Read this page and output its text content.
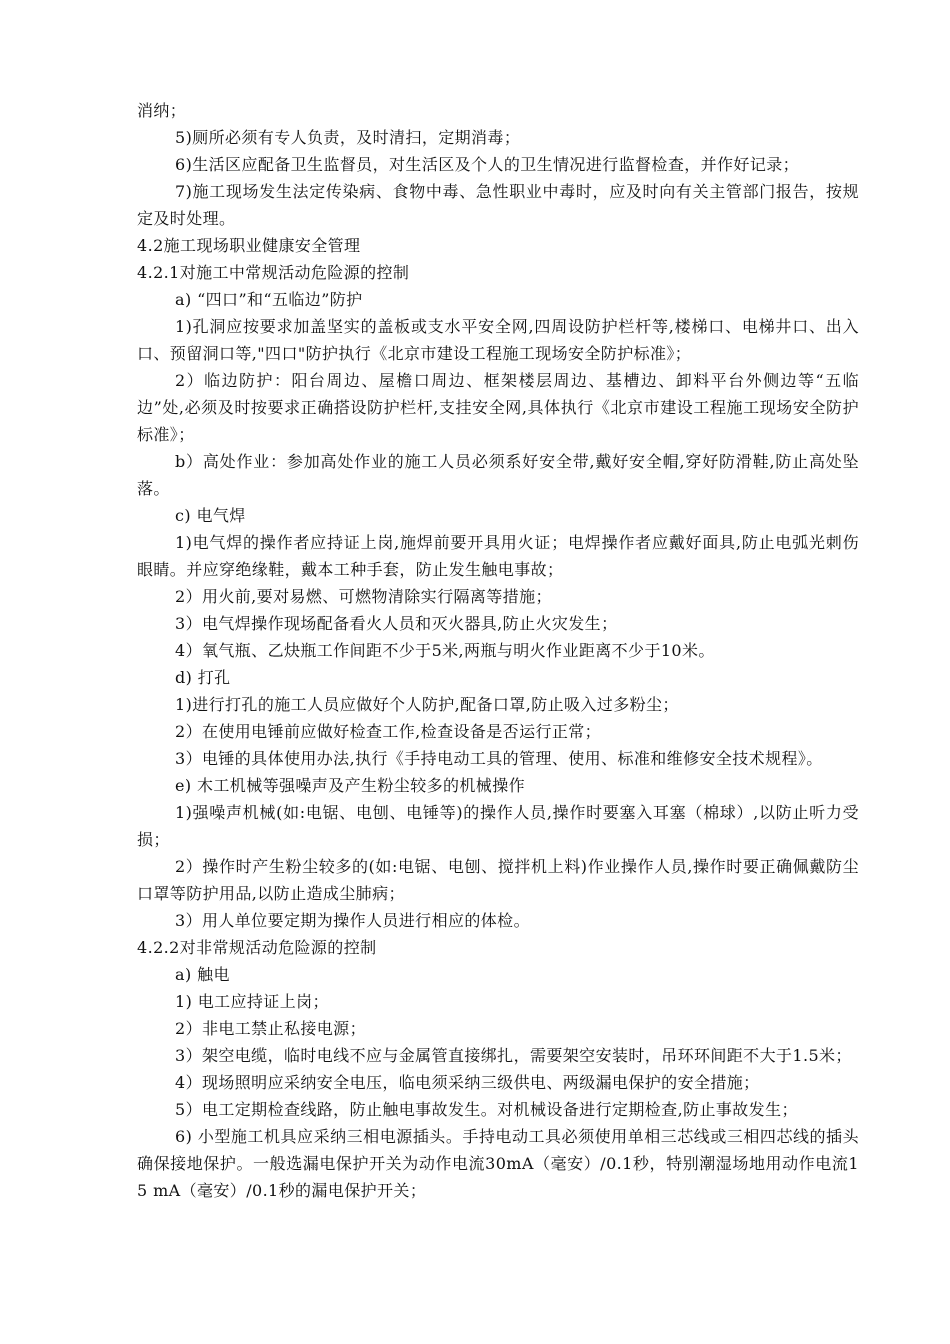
消纳；

5)厕所必须有专人负责，及时清扫，定期消毒；

6)生活区应配备卫生监督员，对生活区及个人的卫生情况进行监督检查，并作好记录；

7)施工现场发生法定传染病、食物中毒、急性职业中毒时，应及时向有关主管部门报告，按规定及时处理。

4.2施工现场职业健康安全管理

4.2.1对施工中常规活动危险源的控制

a) “四口”和“五临边”防护

1)孔洞应按要求加盖坚实的盖板或支水平安全网,四周设防护栏杆等,楼梯口、电梯井口、出入口、预留洞口等,"四口"防护执行《北京市建设工程施工现场安全防护标准》；

2）临边防护：阳台周边、屋檐口周边、框架楼层周边、基槽边、卸料平台外侧边等“五临边”处,必须及时按要求正确搭设防护栏杆,支挂安全网,具体执行《北京市建设工程施工现场安全防护标准》；

b）高处作业：参加高处作业的施工人员必须系好安全带,戴好安全帽,穿好防滑鞋,防止高处坠落。

c) 电气焊

1)电气焊的操作者应持证上岗,施焊前要开具用火证；电焊操作者应戴好面具,防止电弧光刺伤眼睛。并应穿绝缘鞋，戴本工种手套，防止发生触电事故；

2）用火前,要对易燃、可燃物清除实行隔离等措施；

3）电气焊操作现场配备看火人员和灭火器具,防止火灾发生；

4）氧气瓶、乙炔瓶工作间距不少于5米,两瓶与明火作业距离不少于10米。

d) 打孔

1)进行打孔的施工人员应做好个人防护,配备口罩,防止吸入过多粉尘；

2）在使用电锤前应做好检查工作,检查设备是否运行正常；

3）电锤的具体使用办法,执行《手持电动工具的管理、使用、标准和维修安全技术规程》。

e) 木工机械等强噪声及产生粉尘较多的机械操作

1)强噪声机械(如:电锯、电刨、电锤等)的操作人员,操作时要塞入耳塞（棉球）,以防止听力受损；

2）操作时产生粉尘较多的(如:电锯、电刨、搅拌机上料)作业操作人员,操作时要正确佩戴防尘口罩等防护用品,以防止造成尘肺病；

3）用人单位要定期为操作人员进行相应的体检。

4.2.2对非常规活动危险源的控制

a) 触电

1) 电工应持证上岗；

2）非电工禁止私接电源；

3）架空电缆，临时电线不应与金属管直接绑扎，需要架空安装时，吊环环间距不大于1.5米；

4）现场照明应采纳安全电压，临电须采纳三级供电、两级漏电保护的安全措施；

5）电工定期检查线路，防止触电事故发生。对机械设备进行定期检查,防止事故发生；

6) 小型施工机具应采纳三相电源插头。手持电动工具必须使用单相三芯线或三相四芯线的插头确保接地保护。一般选漏电保护开关为动作电流30mA（毫安）/0.1秒，特别潮湿场地用动作电流15 mA（毫安）/0.1秒的漏电保护开关；
